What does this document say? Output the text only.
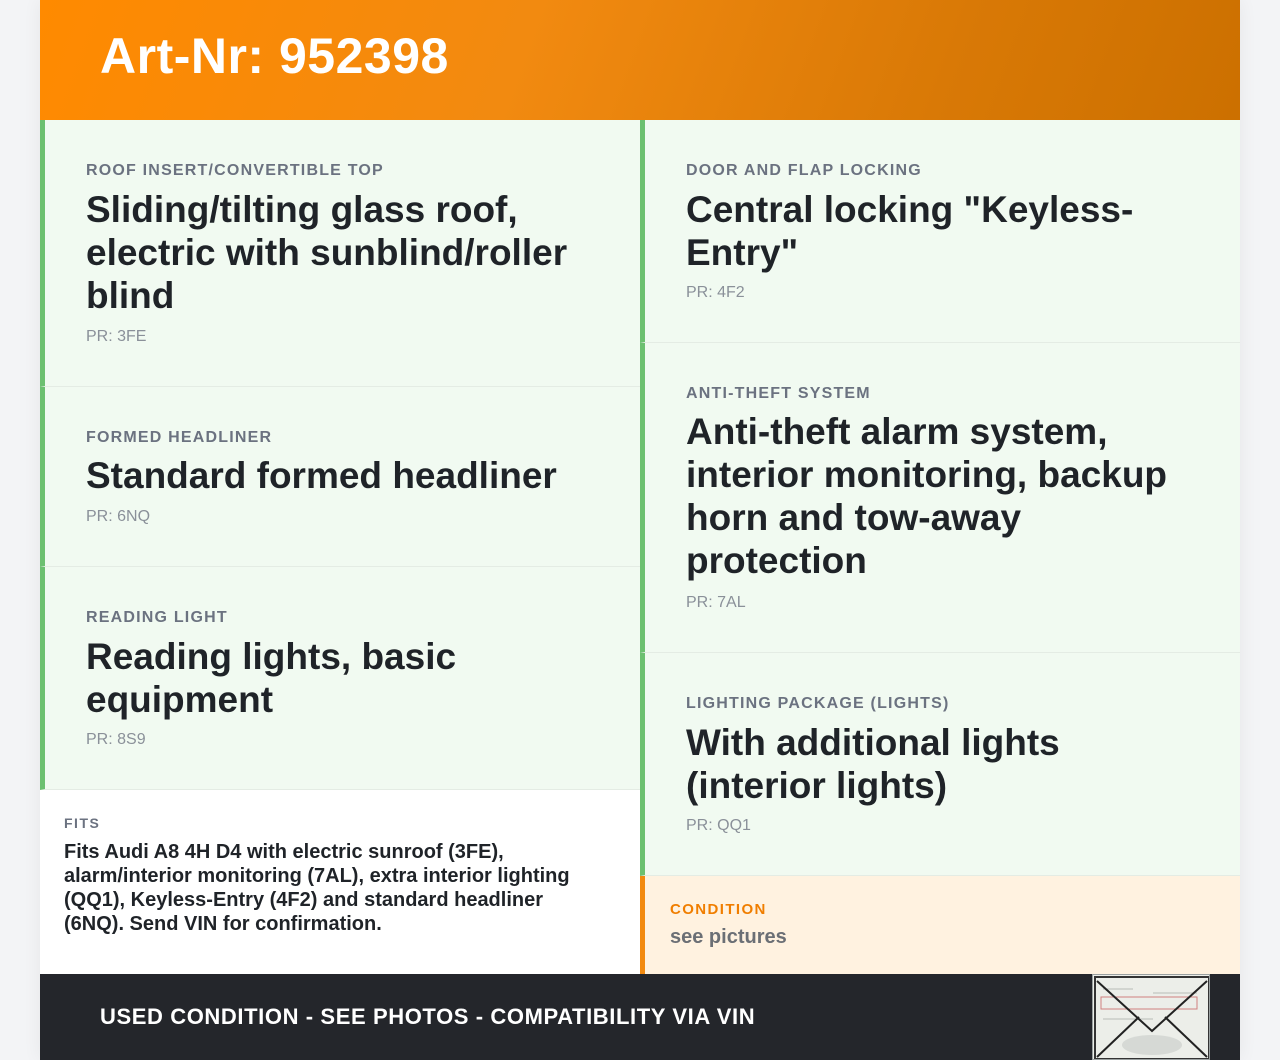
Art-Nr: 952398
ROOF INSERT/CONVERTIBLE TOP
Sliding/tilting glass roof, electric with sunblind/roller blind
PR: 3FE
FORMED HEADLINER
Standard formed headliner
PR: 6NQ
READING LIGHT
Reading lights, basic equipment
PR: 8S9
DOOR AND FLAP LOCKING
Central locking "Keyless-Entry"
PR: 4F2
ANTI-THEFT SYSTEM
Anti-theft alarm system, interior monitoring, backup horn and tow-away protection
PR: 7AL
LIGHTING PACKAGE (LIGHTS)
With additional lights (interior lights)
PR: QQ1
FITS
Fits Audi A8 4H D4 with electric sunroof (3FE), alarm/interior monitoring (7AL), extra interior lighting (QQ1), Keyless-Entry (4F2) and standard headliner (6NQ). Send VIN for confirmation.
CONDITION
see pictures
USED CONDITION - SEE PHOTOS - COMPATIBILITY VIA VIN
